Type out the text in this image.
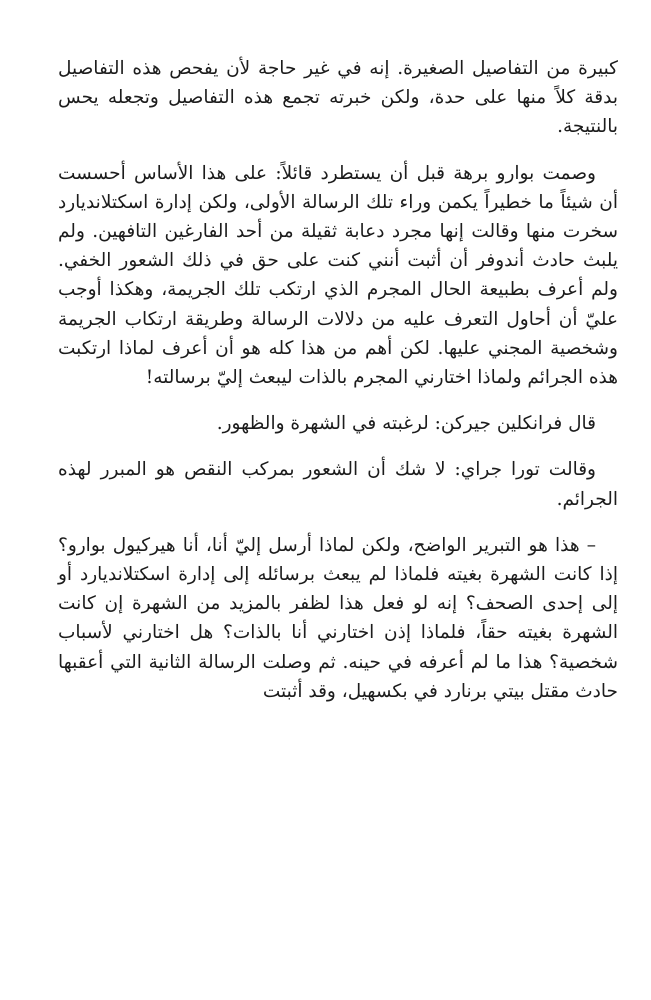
كبيرة من التفاصيل الصغيرة. إنه في غير حاجة لأن يفحص هذه التفاصيل بدقة كلاً منها على حدة، ولكن خبرته تجمع هذه التفاصيل وتجعله يحس بالنتيجة.

وصمت بوارو برهة قبل أن يستطرد قائلاً: على هذا الأساس أحسست أن شيئاً ما خطيراً يكمن وراء تلك الرسالة الأولى، ولكن إدارة اسكتلانديارد سخرت منها وقالت إنها مجرد دعابة ثقيلة من أحد الفارغين التافهين. ولم يلبث حادث أندوفر أن أثبت أنني كنت على حق في ذلك الشعور الخفي. ولم أعرف بطبيعة الحال المجرم الذي ارتكب تلك الجريمة، وهكذا أوجب عليّ أن أحاول التعرف عليه من دلالات الرسالة وطريقة ارتكاب الجريمة وشخصية المجني عليها. لكن أهم من هذا كله هو أن أعرف لماذا ارتكبت هذه الجرائم ولماذا اختارني المجرم بالذات ليبعث إليّ برسالته!

قال فرانكلين جيركن: لرغبته في الشهرة والظهور.

وقالت تورا جراي: لا شك أن الشعور بمركب النقص هو المبرر لهذه الجرائم.

– هذا هو التبرير الواضح، ولكن لماذا أرسل إليّ أنا، أنا هيركيول بوارو؟ إذا كانت الشهرة بغيته فلماذا لم يبعث برسائله إلى إدارة اسكتلانديارد أو إلى إحدى الصحف؟ إنه لو فعل هذا لظفر بالمزيد من الشهرة إن كانت الشهرة بغيته حقاً، فلماذا إذن اختارني أنا بالذات؟ هل اختارني لأسباب شخصية؟ هذا ما لم أعرفه في حينه. ثم وصلت الرسالة الثانية التي أعقبها حادث مقتل بيتي برنارد في بكسهيل، وقد أثبتت
